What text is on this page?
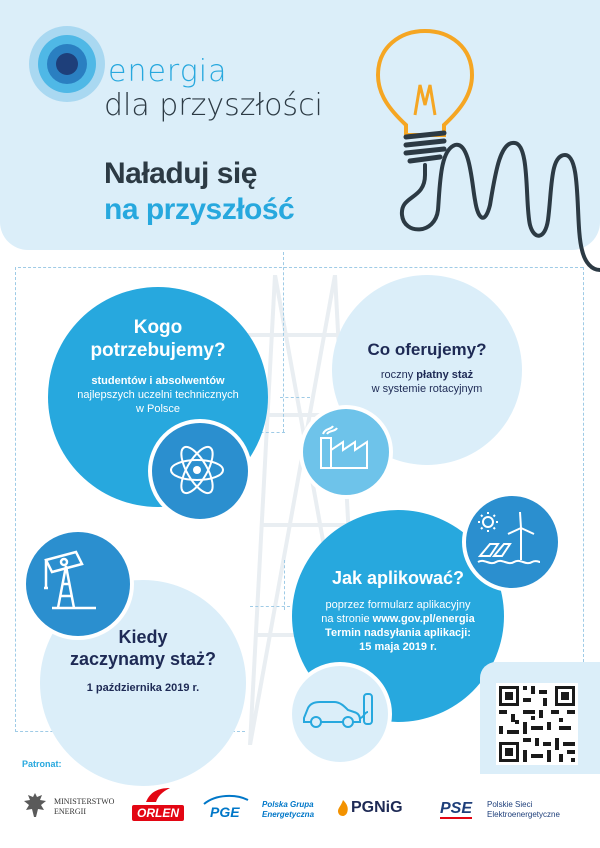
energia
dla przyszłości
Naładuj się
na przyszłość
Kogo
potrzebujemy?
studentów i absolwentów
najlepszych uczelni technicznych
w Polsce
Co oferujemy?
roczny płatny staż
w systemie rotacyjnym
Jak aplikować?
poprzez formularz aplikacyjny
na stronie www.gov.pl/energia
Termin nadsyłania aplikacji:
15 maja 2019 r.
Kiedy
zaczynamy staż?
1 października 2019 r.
Patronat:
MINISTERSTWO
ENERGII	ORLEN	PGE	Polska Grupa
Energetyczna PGNiG PSE Polskie Sieci
Elektroenergetyczne
